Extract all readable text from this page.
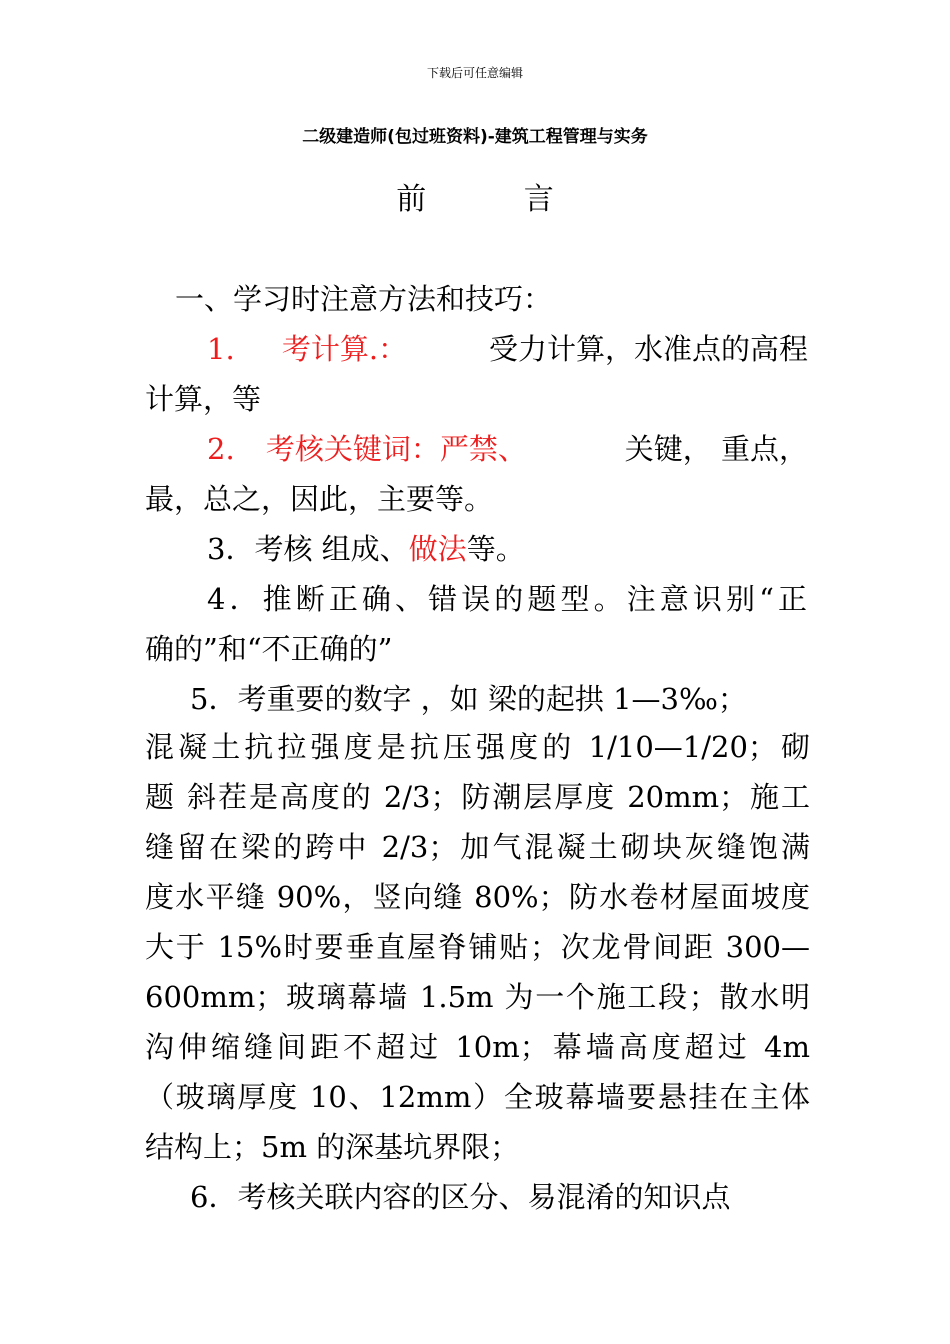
下载后可任意编辑
二级建造师(包过班资料)-建筑工程管理与实务
前 言
一、学习时注意方法和技巧：
1. 考计算.：	受力计算，水准点的高程
计算，等
2. 考核关键词：严禁、	关键， 重点，
最，总之，因此，主要等。
3．考核 组成、做法等。
4．推断正确、错误的题型。注意识别“正
确的”和“不正确的”
5．考重要的数字 ，如 梁的起拱 1—3‰；
混凝土抗拉强度是抗压强度的 1/10—1/20；砌
题 斜茬是高度的 2/3；防潮层厚度 20mm；施工
缝留在梁的跨中 2/3；加气混凝土砌块灰缝饱满
度水平缝 90%，竖向缝 80%；防水卷材屋面坡度
大于 15%时要垂直屋脊铺贴；次龙骨间距 300—
600mm；玻璃幕墙 1.5m 为一个施工段；散水明
沟伸缩缝间距不超过 10m；幕墙高度超过 4m
（玻璃厚度 10、12mm）全玻幕墙要悬挂在主体
结构上；5m 的深基坑界限；
6．考核关联内容的区分、易混淆的知识点
